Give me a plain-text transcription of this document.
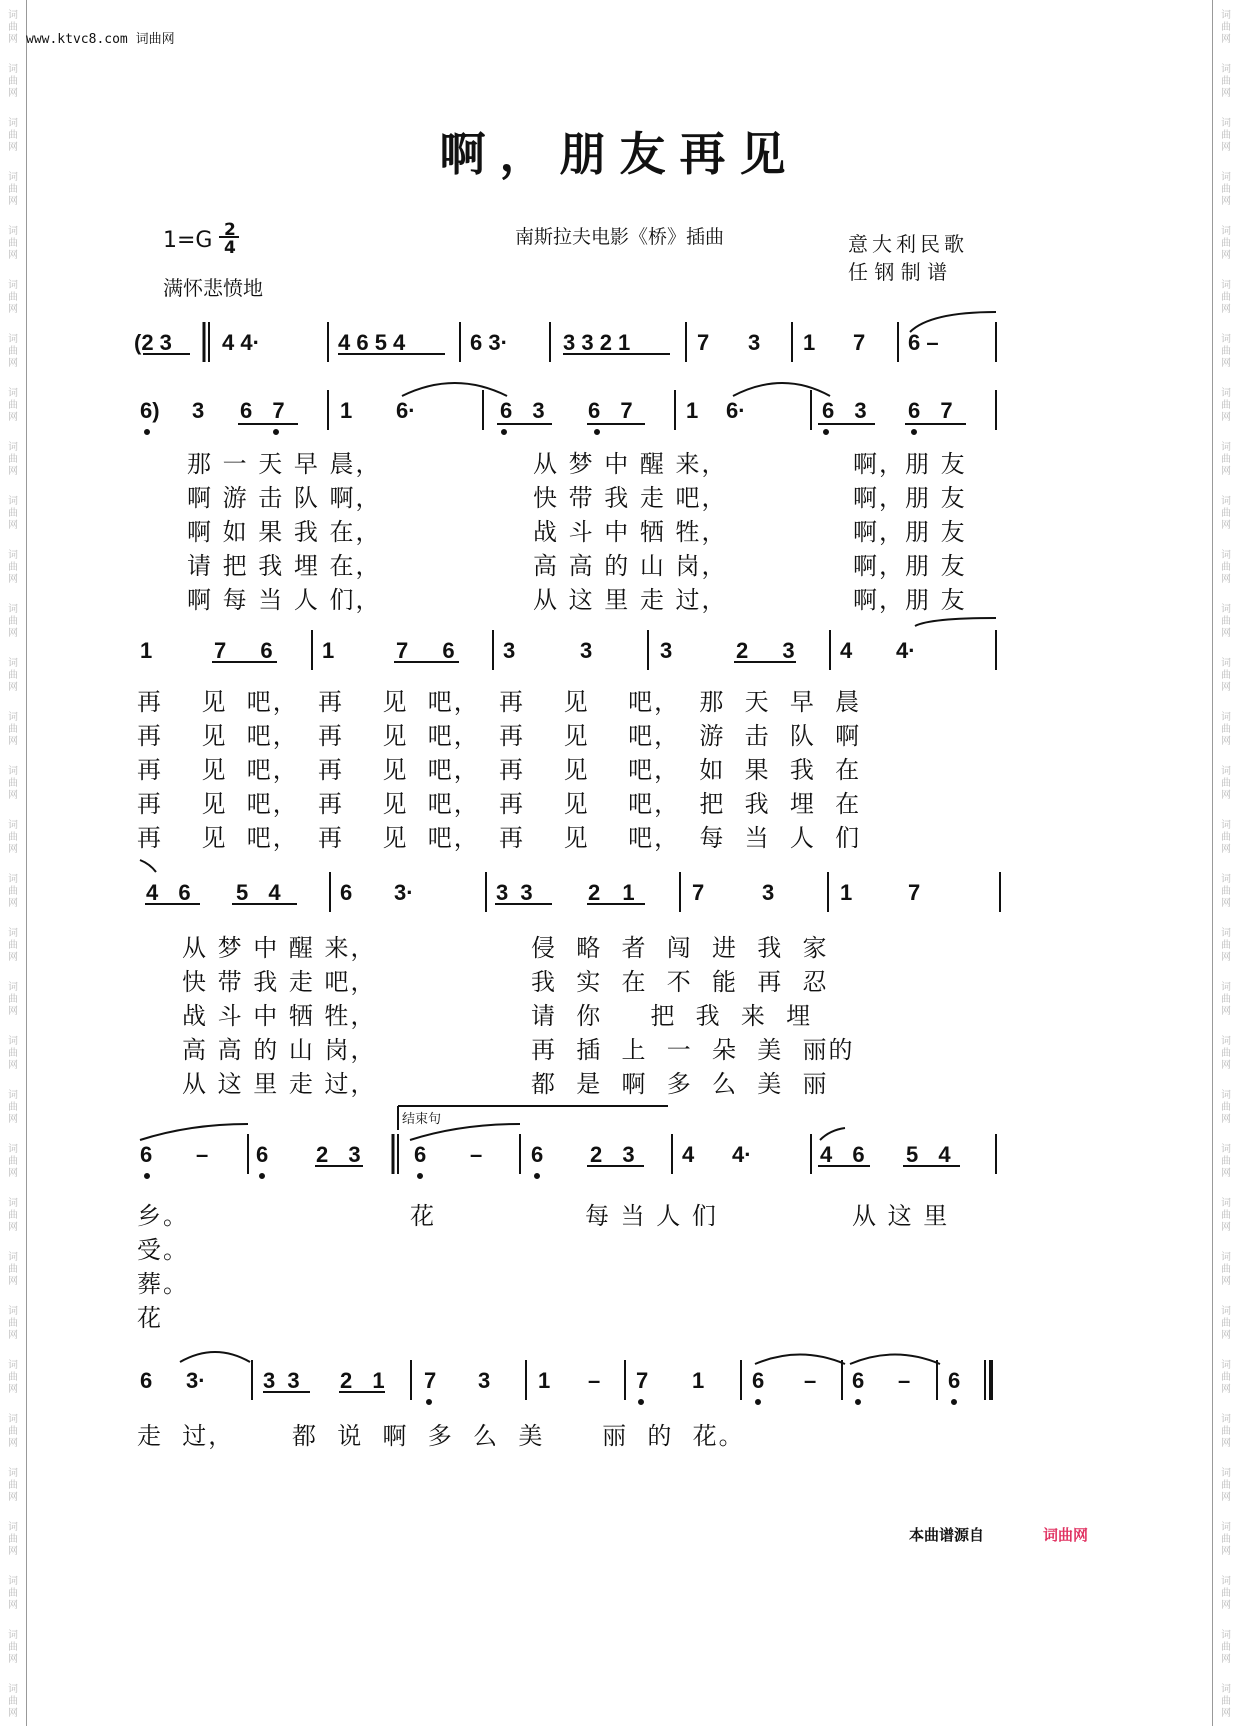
www.ktvc8.com 词曲网
啊，朋友再见
南斯拉夫电影《桥》插曲
1=G 2
4
满怀悲愤地
意大利民歌
任 钢 制 谱
(2 3 4 4·	4 6 5 4	6 3·	3 3 2 1	7 3 1 7 6 –
6) 3 6 7	1 6·	6 3 6 7 1 6·	6 3 6 7
那 一 天 早 晨，
啊 游 击 队 啊，
啊 如 果 我 在，
请 把 我 埋 在，
啊 每 当 人 们，
从 梦 中 醒 来，
快 带 我 走 吧，
战 斗 中 牺 牲，
高 高 的 山 岗，
从 这 里 走 过，
啊，朋 友
啊，朋 友
啊，朋 友
啊，朋 友
啊，朋 友
1	7 6 1	7 6 3	3	3	2 3 4 4·
再    见  吧，  再    见  吧，  再    见    吧，  那  天  早  晨
再    见  吧，  再    见  吧，  再    见    吧，  游  击  队  啊
再    见  吧，  再    见  吧，  再    见    吧，  如  果  我  在
再    见  吧，  再    见  吧，  再    见    吧，  把  我  埋  在
再    见  吧，  再    见  吧，  再    见    吧，  每  当  人  们
4 6 5 4	6 3·	3 3	2 1	7	3	1	7
从 梦 中 醒 来，
快 带 我 走 吧，
战 斗 中 牺 牲，
高 高 的 山 岗，
从 这 里 走 过，
侵  略  者  闯  进  我  家
我  实  在  不  能  再  忍
请  你     把  我  来  埋
再  插  上  一  朵  美  丽的
都  是  啊  多  么  美  丽
结束句
6 – 6 2 3 6 – 6 2 3 4 4·	4 6 5 4
乡。
受。
葬。
花
花	每 当 人 们	从 这 里
6 3·	3 3 2 1 7 3 1 – 7 1 6 – 6 – 6
走  过，      都  说  啊  多  么  美      丽  的  花。
本曲谱源自	词曲网
词
曲
网
词
曲
网
词
曲
网
词
曲
网
词
曲
网
词
曲
网
词
曲
网
词
曲
网
词
曲
网
词
曲
网
词
曲
网
词
曲
网
词
曲
网
词
曲
网
词
曲
网
词
曲
网
词
曲
网
词
曲
网
词
曲
网
词
曲
网
词
曲
网
词
曲
网
词
曲
网
词
曲
网
词
曲
网
词
曲
网
词
曲
网
词
曲
网
词
曲
网
词
曲
网
词
曲
网
词
曲
网
词
曲
网
词
曲
网
词
曲
网
词
曲
网
词
曲
网
词
曲
网
词
曲
网
词
曲
网
词
曲
网
词
曲
网
词
曲
网
词
曲
网
词
曲
网
词
曲
网
词
曲
网
词
曲
网
词
曲
网
词
曲
网
词
曲
网
词
曲
网
词
曲
网
词
曲
网
词
曲
网
词
曲
网
词
曲
网
词
曲
网
词
曲
网
词
曲
网
词
曲
网
词
曲
网
词
曲
网
词
曲
网
